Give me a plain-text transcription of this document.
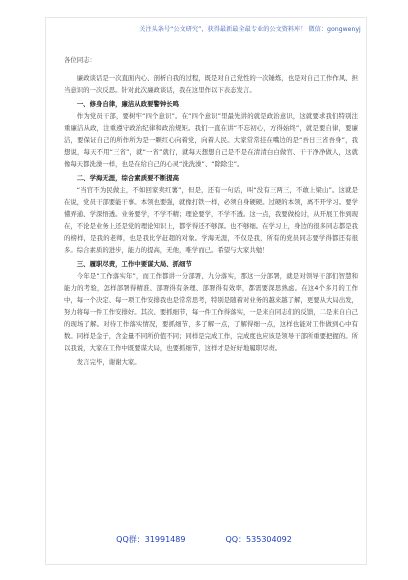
关注头条号“公文研究”，获得最新最全最专业的公文资料库！ 微信：gongwenyj

各位同志：

廉政谈话是一次直面内心、剖析自我的过程，既是对自己党性的一次锤炼，也是对自己工作作风、担当意识的一次反思。针对此次廉政谈话，我在这里作以下表态发言。

一、修身自律，廉洁从政要警钟长鸣

作为党员干部，要树牢“四个意识”。在“四个意识”里最先讲的就是政治意识，这就要求我们特别注重廉洁从政，注重遵守政治纪律和政治规矩。我们一直在讲“不忘初心，方得始终”，就是要自律，要廉洁，要保证自己的所作所为是一颗红心向着党，向着人民。大家常常挂在嘴边的是“吾日三省吾身”，我想说，每天不用“三省”，就“一省”就行，就每天想想自己是不是在清清白白做官、干干净净做人，这就像每天都洗澡一样，也是在给自己的心灵“洗洗澡”、“除除尘”。

二、学海无涯，综合素质要不断提高

“当官不为民做主，不如回家卖红薯”，但是，还有一句话，叫“没有三两三，不敢上梁山”。这就是在说，党员干部要能干事。本领也要强，就像打铁一样，必须自身硬硬。过硬的本领，离不开学习。要学懂弄通、学深悟透。业务要学，不学不精；理论要学，不学不透。这一点，我要做检讨，从开展工作到现在，不论是业务上还是党的理论知识上，都学得还不够深。也不够细。在学习上，身边的很多同志都是我的榜样，是我的老师，也是我比学赶超的对象。学海无涯，不仅是我，所有的党员同志要学得都还有很多。综合素质的进步，能力的提高，无他，唯学而已。希望与大家共勉！

三、履职尽责，工作中要谋大局、抓细节

今年是“工作落实年”，而工作都讲一分部署、九分落实，那这一分部署，就是对领导干部们智慧和能力的考验，怎样部署得精准、部署得有条理、部署得有效率，都需要深思熟虑。在这4个多月的工作中，每一个决定、每一项工作安排我也是常常思考，特别是随着对业务的越来越了解，更要从大局出发，努力将每一件工作安排好。其次、要抓细节，每一件工作得落实，一是来自同志们的反馈，二是来自自己的现场了解。对待工作落实情况，要抓细节，多了解一点，了解得细一点，这样也能对工作做到心中有数。同样是金子，含金量不同所价值不同；同样是完成工作，完成度也应该是领导干部所重要把握的。所以我说，大家在工作中既要谋大局，也要抓细节，这样才是好好地履职尽责。

发言完毕，谢谢大家。

QQ群：31991489	QQ：535304092
